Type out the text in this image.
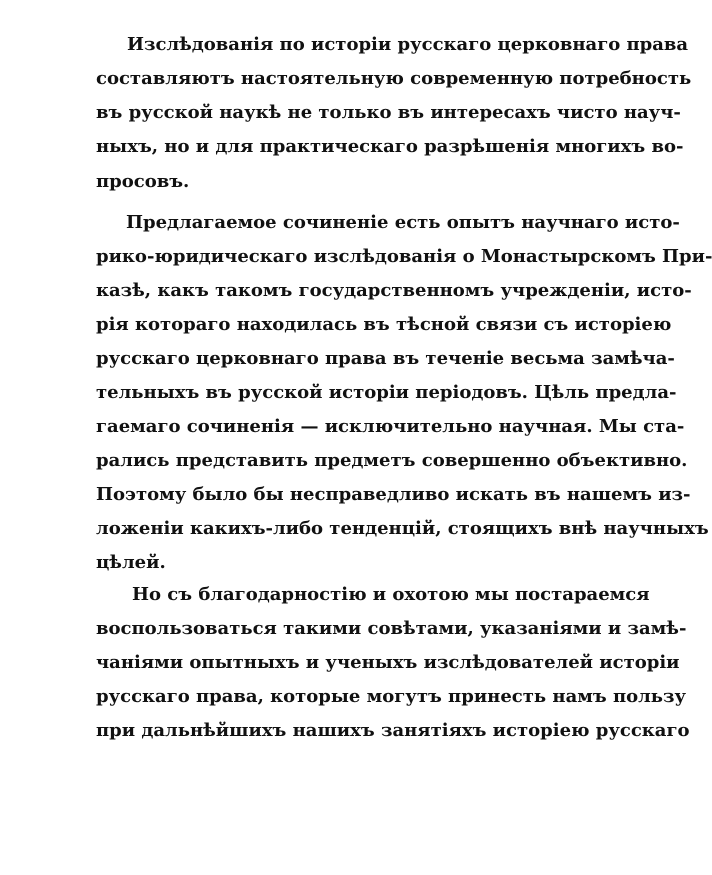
Изслѣдованія по исторіи русскаго церковнаго права

составляютъ настоятельную современную потребность

въ русской наукѣ не только въ интересахъ чисто науч-

ныхъ, но и для практическаго разрѣшенія многихъ во-

просовъ.

Предлагаемое сочиненіе есть опытъ научнаго исто-

рико-юридическаго изслѣдованія о Монастырскомъ При-

казѣ, какъ такомъ государственномъ учрежденіи, исто-

рія котораго находилась въ тѣсной связи съ исторіею

русскаго церковнаго права въ теченіе весьма замѣча-

тельныхъ въ русской исторіи періодовъ. Цѣль предла-

гаемаго сочиненія — исключительно научная. Мы ста-

рались представить предметъ совершенно объективно.

Поэтому было бы несправедливо искать въ нашемъ из-

ложеніи какихъ-либо тенденцій, стоящихъ внѣ научныхъ

цѣлей.

Но съ благодарностію и охотою мы постараемся

воспользоваться такими совѣтами, указаніями и замѣ-

чаніями опытныхъ и ученыхъ изслѣдователей исторіи

русскаго права, которые могутъ принесть намъ пользу

при дальнѣйшихъ нашихъ занятіяхъ исторіею русскаго
